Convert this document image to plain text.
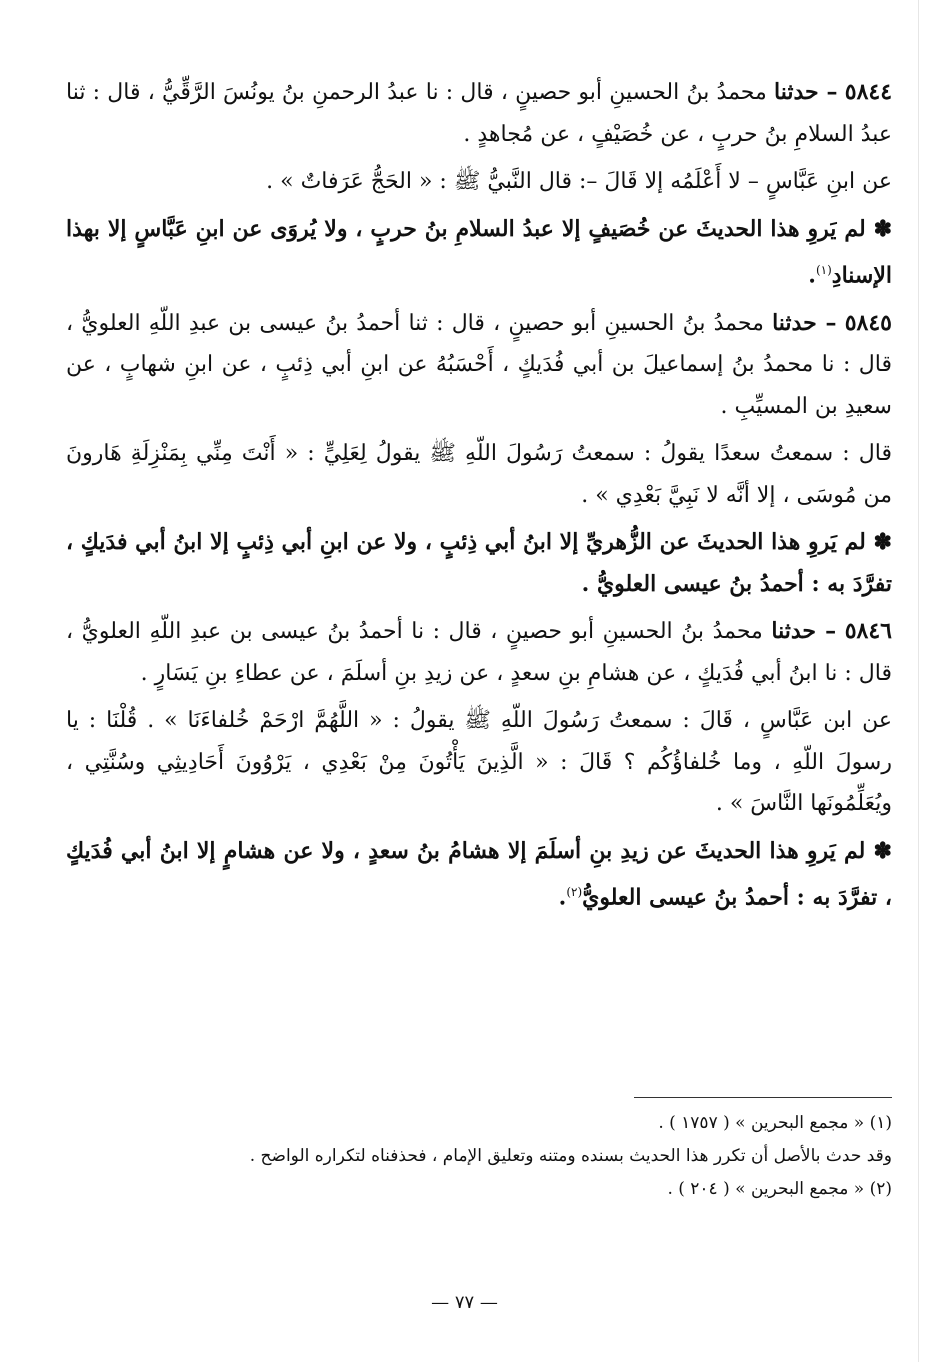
٥٨٤٤ – حدثنا محمدُ بنُ الحسينِ أبو حصينٍ ، قال : نا عبدُ الرحمنِ بنُ يونُسَ الرَّقِّيُّ ، قال : ثنا عبدُ السلامِ بنُ حربٍ ، عن خُصَيْفٍ ، عن مُجاهدٍ .

عن ابنِ عَبَّاسٍ – لا أَعْلَمُه إلا قَالَ –: قال النَّبيُّ ﷺ : « الحَجُّ عَرَفاتٌ » .

✽ لم يَروِ هذا الحديثَ عن خُصَيفٍ إلا عبدُ السلامِ بنُ حربٍ ، ولا يُروَى عن ابنِ عَبَّاسٍ إلا بهذا الإسنادِ$^{(١)}$.

٥٨٤٥ – حدثنا محمدُ بنُ الحسينِ أبو حصينٍ ، قال : ثنا أحمدُ بنُ عيسى بن عبدِ اللّهِ العلويُّ ، قال : نا محمدُ بنُ إسماعيلَ بن أبي فُدَيكٍ ، أَحْسَبُهُ عن ابنِ أبي ذِئبٍ ، عن ابنِ شهابٍ ، عن سعيدِ بن المسيِّبِ .

قال : سمعتُ سعدًا يقولُ : سمعتُ رَسُولَ اللّهِ ﷺ يقولُ لِعَلِيٍّ : « أَنْتَ مِنِّي بِمَنْزِلَةِ هَارونَ من مُوسَى ، إلا أنَّه لا نَبِيَّ بَعْدِي » .

✽ لم يَروِ هذا الحديثَ عن الزُّهريِّ إلا ابنُ أبي ذِئبٍ ، ولا عن ابنِ أبي ذِئبٍ إلا ابنُ أبي فدَيكٍ ، تفرَّدَ به : أحمدُ بنُ عيسى العلويُّ .

٥٨٤٦ – حدثنا محمدُ بنُ الحسينِ أبو حصينٍ ، قال : نا أحمدُ بنُ عيسى بن عبدِ اللّهِ العلويُّ ، قال : نا ابنُ أبي فُدَيكٍ ، عن هشامِ بنِ سعدٍ ، عن زيدِ بنِ أسلَمَ ، عن عطاءِ بنِ يَسَارٍ .

عن ابن عَبَّاسٍ ، قَالَ : سمعتُ رَسُولَ اللّهِ ﷺ يقولُ : « اللَّهُمَّ ارْحَمْ خُلفاءَنَا » . قُلْنَا : يا رسولَ اللّهِ ، وما خُلفاؤُكُم ؟ قَالَ : « الَّذِينَ يَأْتُونَ مِنْ بَعْدِي ، يَرْوُونَ أَحَادِيثِي وسُنَّتِي ، ويُعَلِّمُونَها النَّاسَ » .

✽ لم يَروِ هذا الحديثَ عن زيدِ بنِ أسلَمَ إلا هشامُ بنُ سعدٍ ، ولا عن هشامٍ إلا ابنُ أبي فُدَيكٍ ، تفرَّدَ به : أحمدُ بنُ عيسى العلويُّ$^{(٢)}$.

(١) « مجمع البحرين » ( ١٧٥٧ ) .

وقد حدث بالأصل أن تكرر هذا الحديث بسنده ومتنه وتعليق الإمام ، فحذفناه لتكراره الواضح .

(٢) « مجمع البحرين » ( ٢٠٤ ) .

— ٧٧ —
